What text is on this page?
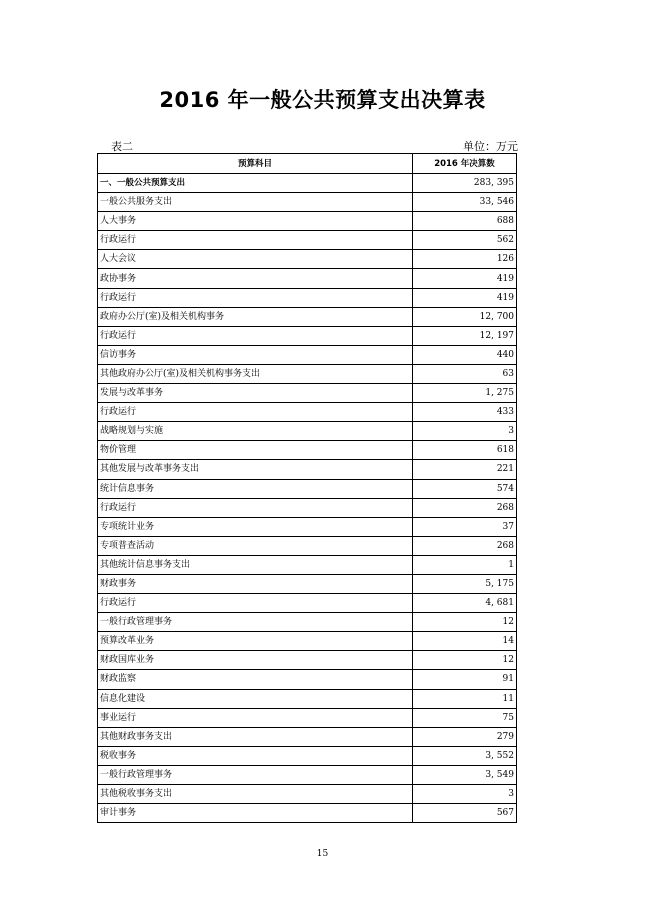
2016 年一般公共预算支出决算表
表二	单位：万元
预算科目	2016 年决算数
一、一般公共预算支出	283, 395
一般公共服务支出	33, 546
人大事务	688
行政运行	562
人大会议	126
政协事务	419
行政运行	419
政府办公厅(室)及相关机构事务	12, 700
行政运行	12, 197
信访事务	440
其他政府办公厅(室)及相关机构事务支出	63
发展与改革事务	1, 275
行政运行	433
战略规划与实施	3
物价管理	618
其他发展与改革事务支出	221
统计信息事务	574
行政运行	268
专项统计业务	37
专项普查活动	268
其他统计信息事务支出	1
财政事务	5, 175
行政运行	4, 681
一般行政管理事务	12
预算改革业务	14
财政国库业务	12
财政监察	91
信息化建设	11
事业运行	75
其他财政事务支出	279
税收事务	3, 552
一般行政管理事务	3, 549
其他税收事务支出	3
审计事务	567
15
